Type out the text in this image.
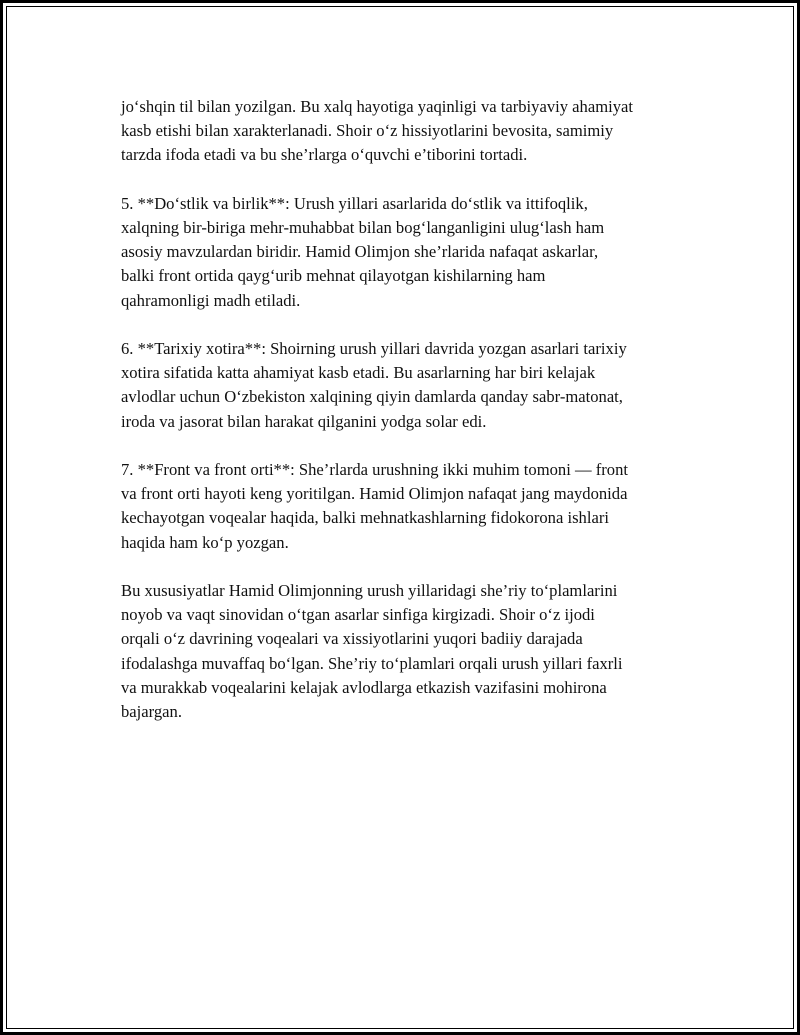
jo‘shqin til bilan yozilgan. Bu xalq hayotiga yaqinligi va tarbiyaviy ahamiyat
kasb etishi bilan xarakterlanadi. Shoir o‘z hissiyotlarini bevosita, samimiy
tarzda ifoda etadi va bu she’rlarga o‘quvchi e’tiborini tortadi.

5. **Do‘stlik va birlik**: Urush yillari asarlarida do‘stlik va ittifoqlik,
xalqning bir-biriga mehr-muhabbat bilan bog‘langanligini ulug‘lash ham
asosiy mavzulardan biridir. Hamid Olimjon she’rlarida nafaqat askarlar,
balki front ortida qayg‘urib mehnat qilayotgan kishilarning ham
qahramonligi madh etiladi.

6. **Tarixiy xotira**: Shoirning urush yillari davrida yozgan asarlari tarixiy
xotira sifatida katta ahamiyat kasb etadi. Bu asarlarning har biri kelajak
avlodlar uchun O‘zbekiston xalqining qiyin damlarda qanday sabr-matonat,
iroda va jasorat bilan harakat qilganini yodga solar edi.

7. **Front va front orti**: She’rlarda urushning ikki muhim tomoni — front
va front orti hayoti keng yoritilgan. Hamid Olimjon nafaqat jang maydonida
kechayotgan voqealar haqida, balki mehnatkashlarning fidokorona ishlari
haqida ham ko‘p yozgan.

Bu xususiyatlar Hamid Olimjonning urush yillaridagi she’riy to‘plamlarini
noyob va vaqt sinovidan o‘tgan asarlar sinfiga kirgizadi. Shoir o‘z ijodi
orqali o‘z davrining voqealari va xissiyotlarini yuqori badiiy darajada
ifodalashga muvaffaq bo‘lgan. She’riy to‘plamlari orqali urush yillari faxrli
va murakkab voqealarini kelajak avlodlarga etkazish vazifasini mohirona
bajargan.
